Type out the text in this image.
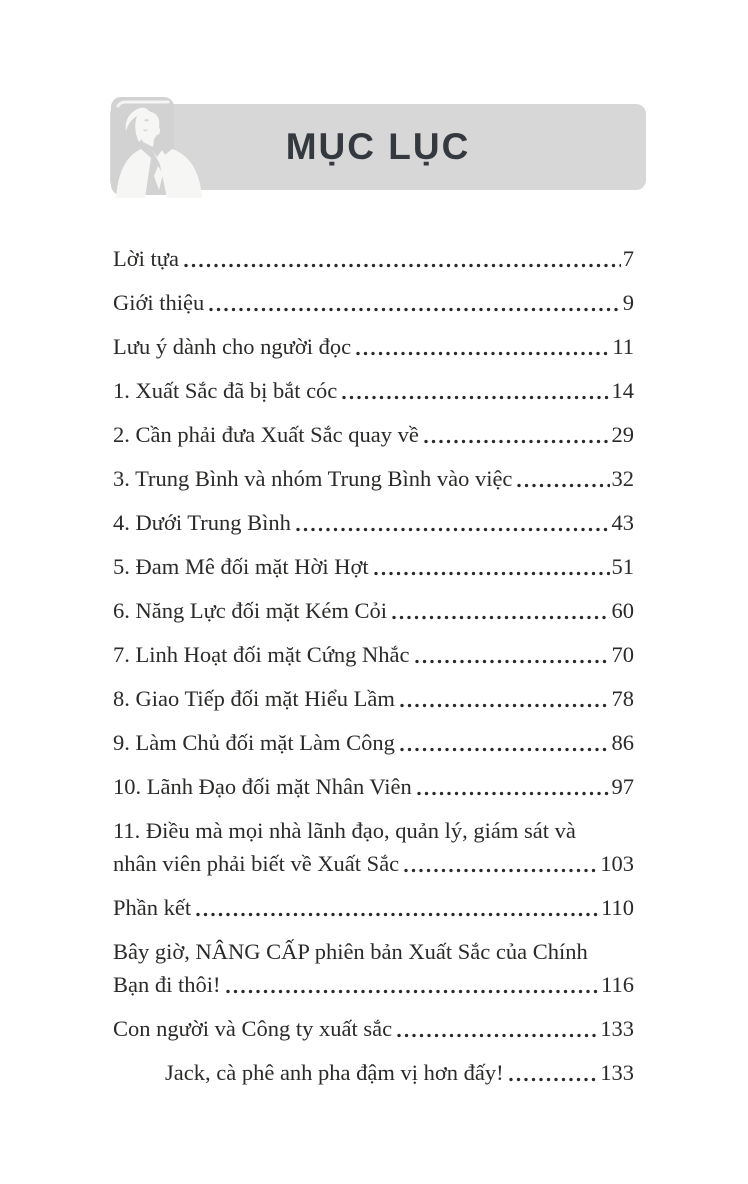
MỤC LỤC
Lời tựa	7
Giới thiệu	9
Lưu ý dành cho người đọc	11
1. Xuất Sắc đã bị bắt cóc	14
2. Cần phải đưa Xuất Sắc quay về	29
3. Trung Bình và nhóm Trung Bình vào việc	32
4. Dưới Trung Bình	43
5. Đam Mê đối mặt Hời Hợt	51
6. Năng Lực đối mặt Kém Cỏi	60
7. Linh Hoạt đối mặt Cứng Nhắc	70
8. Giao Tiếp đối mặt Hiểu Lầm	78
9. Làm Chủ đối mặt Làm Công	86
10. Lãnh Đạo đối mặt Nhân Viên	97
11. Điều mà mọi nhà lãnh đạo, quản lý, giám sát và
nhân viên phải biết về Xuất Sắc	103
Phần kết	110
Bây giờ, NÂNG CẤP phiên bản Xuất Sắc của Chính
Bạn đi thôi!	116
Con người và Công ty xuất sắc	133
Jack, cà phê anh pha đậm vị hơn đấy!	133
